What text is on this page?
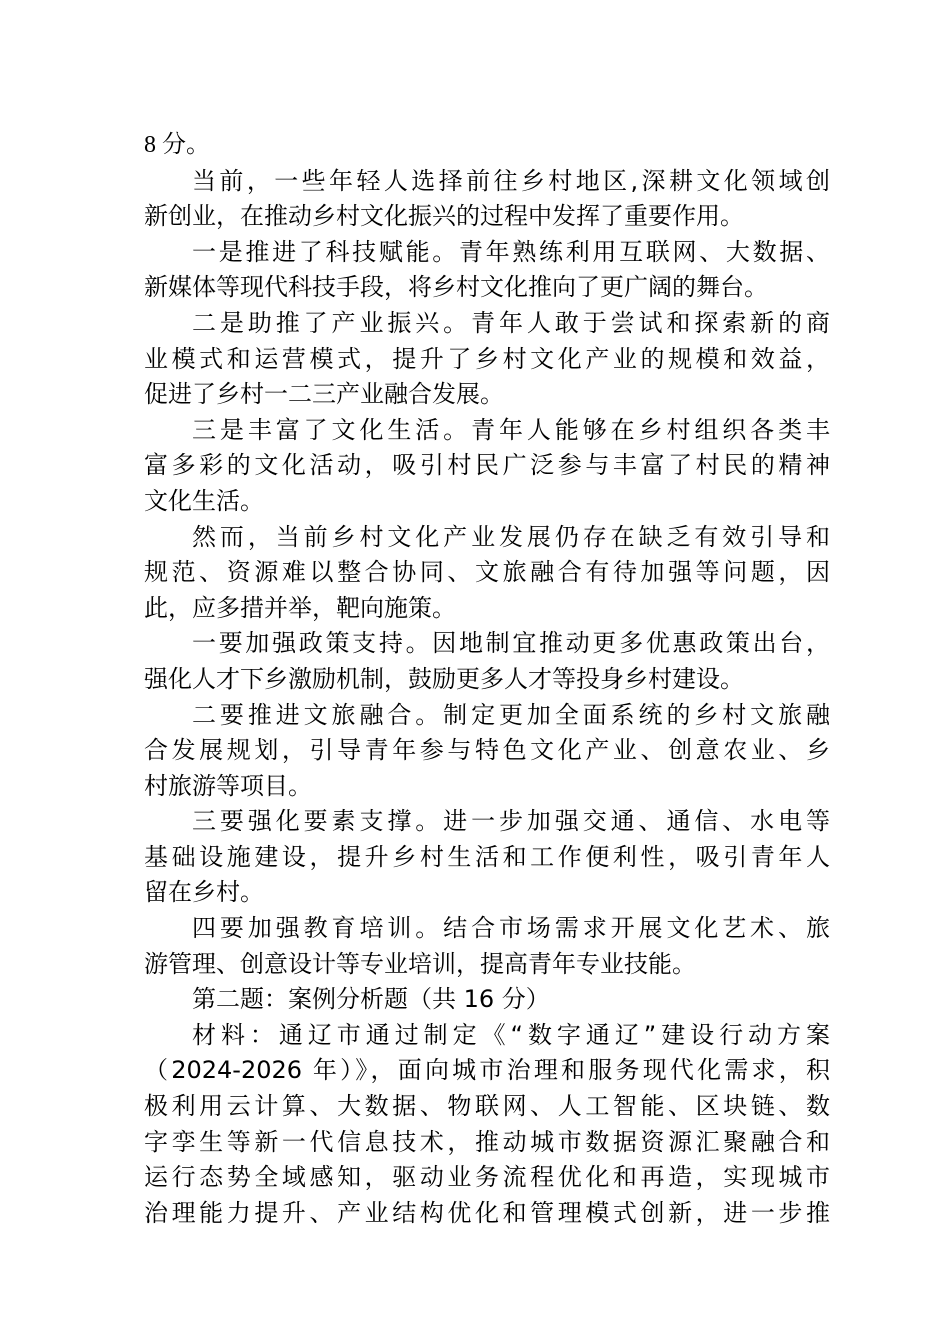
8 分。
当前，一些年轻人选择前往乡村地区,深耕文化领域创
新创业，在推动乡村文化振兴的过程中发挥了重要作用。
一是推进了科技赋能。青年熟练利用互联网、大数据、
新媒体等现代科技手段，将乡村文化推向了更广阔的舞台。
二是助推了产业振兴。青年人敢于尝试和探索新的商
业模式和运营模式，提升了乡村文化产业的规模和效益，
促进了乡村一二三产业融合发展。
三是丰富了文化生活。青年人能够在乡村组织各类丰
富多彩的文化活动，吸引村民广泛参与丰富了村民的精神
文化生活。
然而，当前乡村文化产业发展仍存在缺乏有效引导和
规范、资源难以整合协同、文旅融合有待加强等问题，因
此，应多措并举，靶向施策。
一要加强政策支持。因地制宜推动更多优惠政策出台，
强化人才下乡激励机制，鼓励更多人才等投身乡村建设。
二要推进文旅融合。制定更加全面系统的乡村文旅融
合发展规划，引导青年参与特色文化产业、创意农业、乡
村旅游等项目。
三要强化要素支撑。进一步加强交通、通信、水电等
基础设施建设，提升乡村生活和工作便利性，吸引青年人
留在乡村。
四要加强教育培训。结合市场需求开展文化艺术、旅
游管理、创意设计等专业培训，提高青年专业技能。
第二题：案例分析题（共 16 分）
材料：通辽市通过制定《“数字通辽”建设行动方案
（2024-2026 年）》，面向城市治理和服务现代化需求，积
极利用云计算、大数据、物联网、人工智能、区块链、数
字孪生等新一代信息技术，推动城市数据资源汇聚融合和
运行态势全域感知，驱动业务流程优化和再造，实现城市
治理能力提升、产业结构优化和管理模式创新，进一步推
